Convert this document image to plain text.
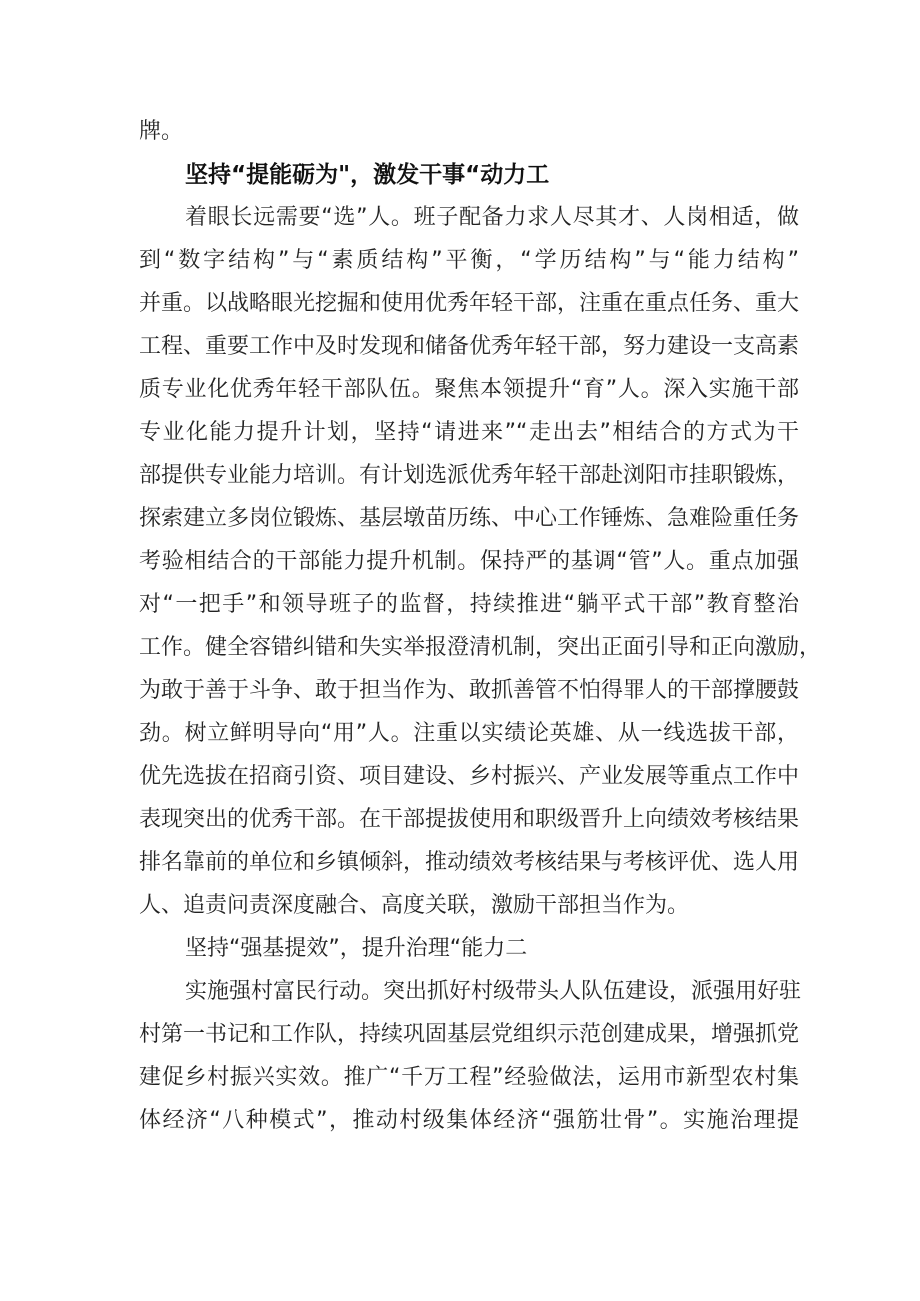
牌。
坚持“提能砺为"，激发干事“动力工
着眼长远需要“选”人。班子配备力求人尽其才、人岗相适，做
到“数字结构”与“素质结构”平衡，“学历结构”与“能力结构”
并重。以战略眼光挖掘和使用优秀年轻干部，注重在重点任务、重大
工程、重要工作中及时发现和储备优秀年轻干部，努力建设一支高素
质专业化优秀年轻干部队伍。聚焦本领提升“育”人。深入实施干部
专业化能力提升计划，坚持“请进来”“走出去”相结合的方式为干
部提供专业能力培训。有计划选派优秀年轻干部赴浏阳市挂职锻炼，
探索建立多岗位锻炼、基层墩苗历练、中心工作锤炼、急难险重任务
考验相结合的干部能力提升机制。保持严的基调“管”人。重点加强
对“一把手”和领导班子的监督，持续推进“躺平式干部”教育整治
工作。健全容错纠错和失实举报澄清机制，突出正面引导和正向激励，
为敢于善于斗争、敢于担当作为、敢抓善管不怕得罪人的干部撑腰鼓
劲。树立鲜明导向“用”人。注重以实绩论英雄、从一线选拔干部，
优先选拔在招商引资、项目建设、乡村振兴、产业发展等重点工作中
表现突出的优秀干部。在干部提拔使用和职级晋升上向绩效考核结果
排名靠前的单位和乡镇倾斜，推动绩效考核结果与考核评优、选人用
人、追责问责深度融合、高度关联，激励干部担当作为。
坚持“强基提效”，提升治理“能力二
实施强村富民行动。突出抓好村级带头人队伍建设，派强用好驻
村第一书记和工作队，持续巩固基层党组织示范创建成果，增强抓党
建促乡村振兴实效。推广“千万工程”经验做法，运用市新型农村集
体经济“八种模式”，推动村级集体经济“强筋壮骨”。实施治理提
